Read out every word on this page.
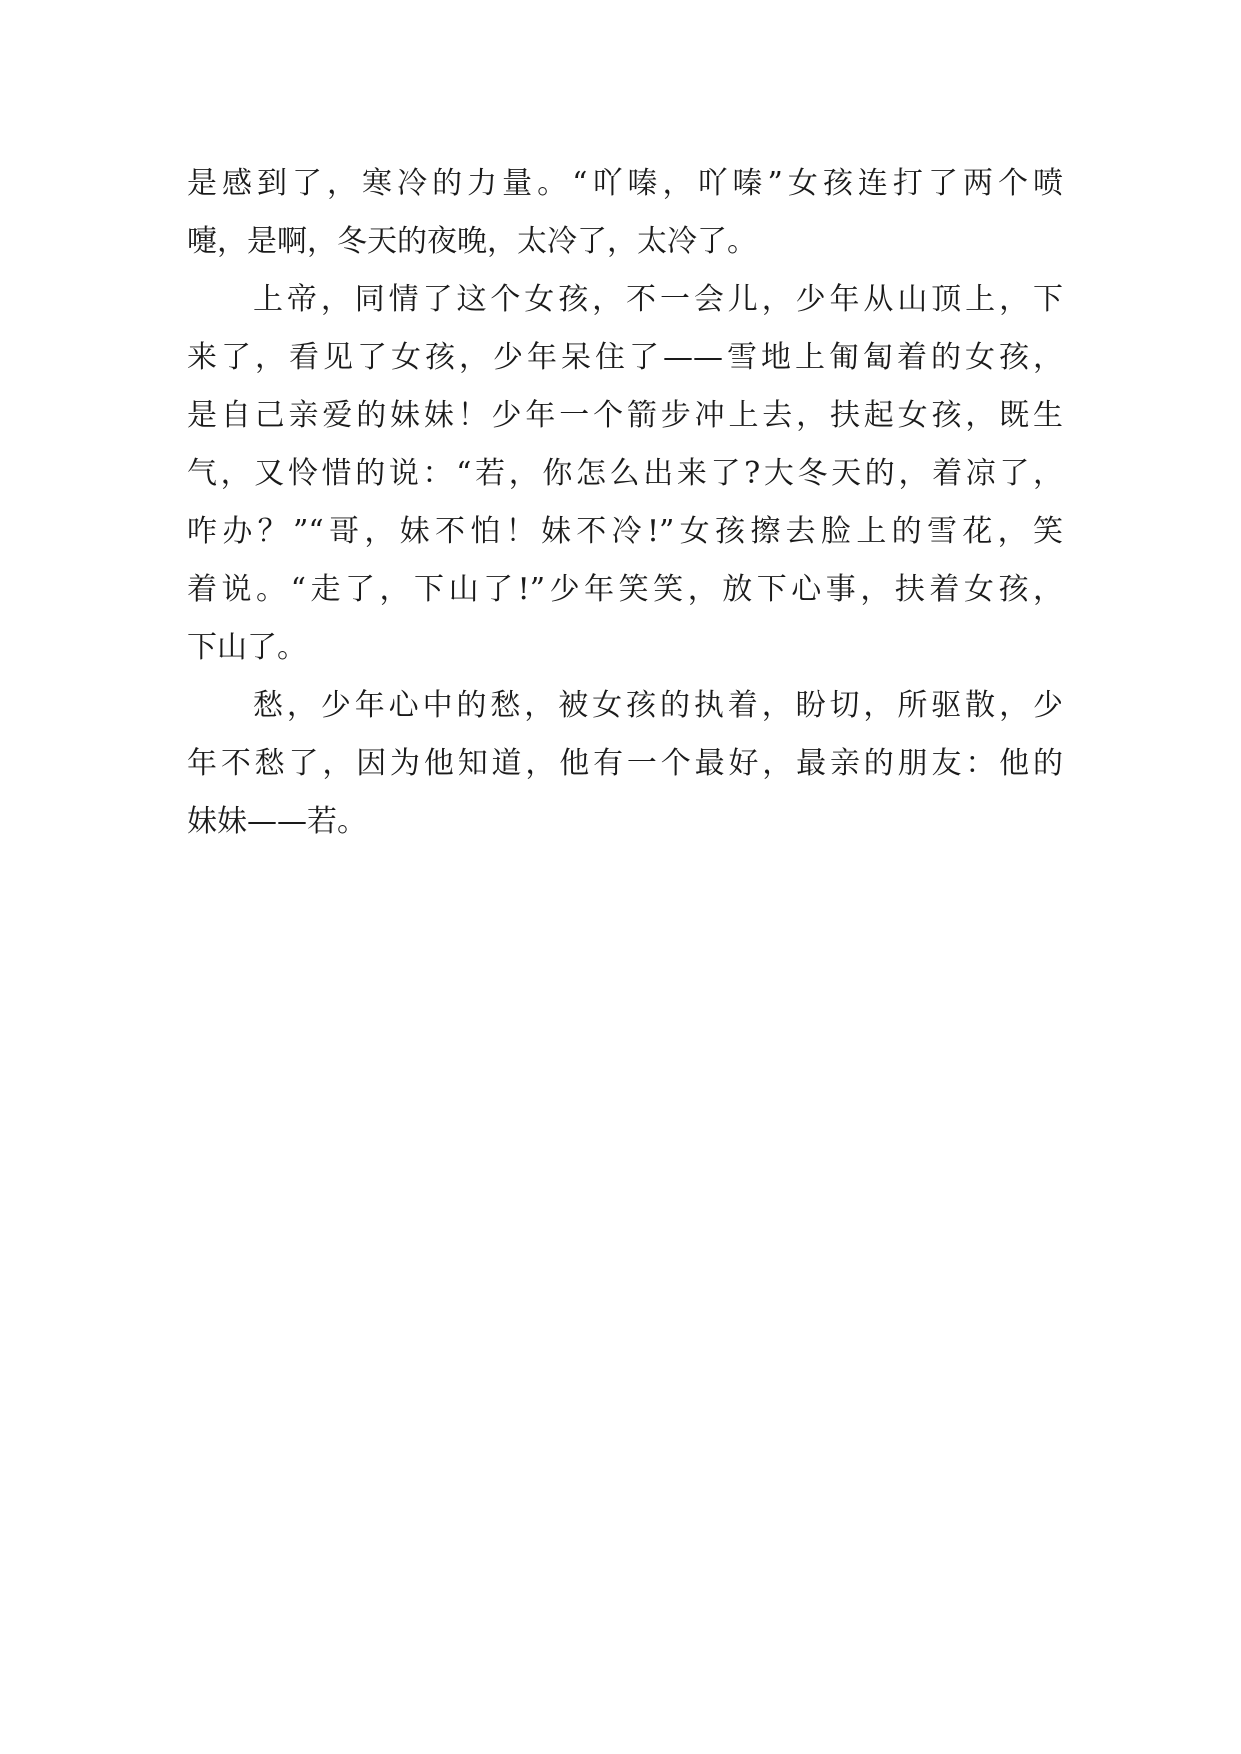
是感到了，寒冷的力量。“吖嗪，吖嗪”女孩连打了两个喷
嚏，是啊，冬天的夜晚，太冷了，太冷了。
上帝，同情了这个女孩，不一会儿，少年从山顶上，下
来了，看见了女孩，少年呆住了——雪地上匍匐着的女孩，
是自己亲爱的妹妹！少年一个箭步冲上去，扶起女孩，既生
气，又怜惜的说：“若，你怎么出来了?大冬天的，着凉了，
咋办？”“哥，妹不怕！妹不冷!”女孩擦去脸上的雪花，笑
着说。“走了，下山了!”少年笑笑，放下心事，扶着女孩，
下山了。
愁，少年心中的愁，被女孩的执着，盼切，所驱散，少
年不愁了，因为他知道，他有一个最好，最亲的朋友：他的
妹妹——若。
